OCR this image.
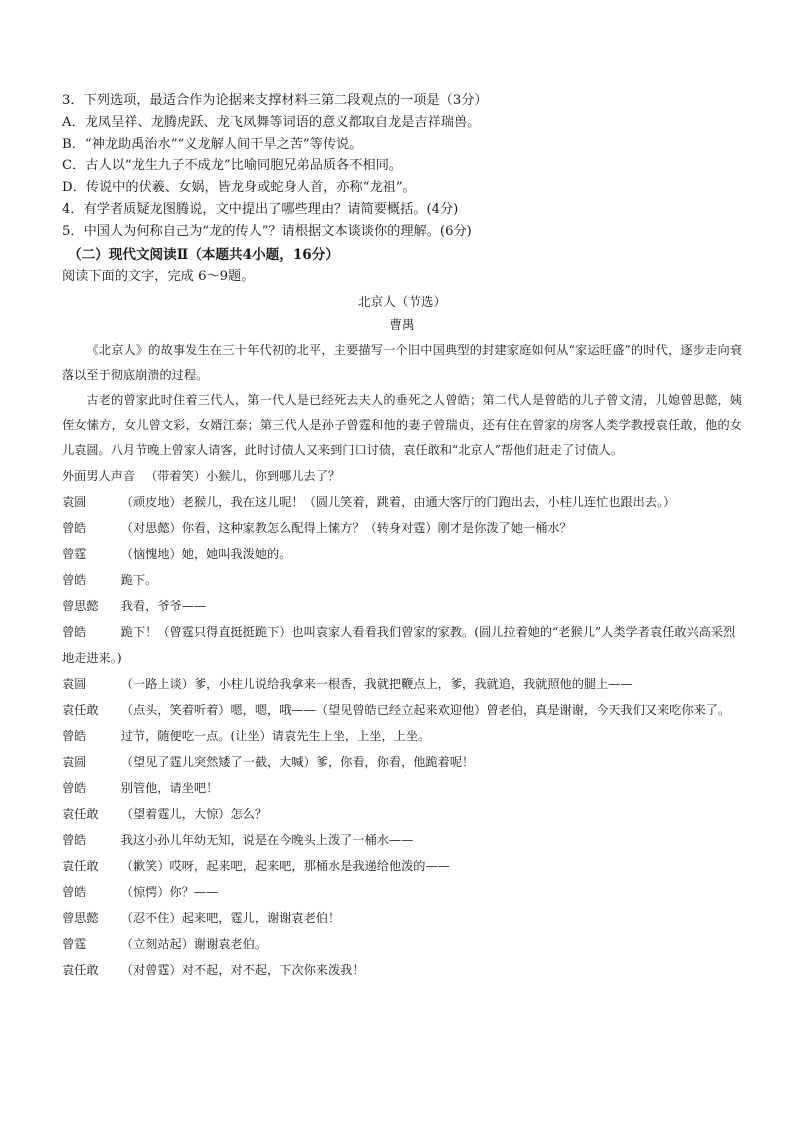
3．下列选项，最适合作为论据来支撑材料三第二段观点的一项是（3分）

A．龙凤呈祥、龙腾虎跃、龙飞凤舞等词语的意义都取自龙是吉祥瑞兽。

B．“神龙助禹治水”“义龙解人间干旱之苦”等传说。

C．古人以“龙生九子不成龙”比喻同胞兄弟品质各不相同。

D．传说中的伏羲、女娲，皆龙身或蛇身人首，亦称“龙祖”。

4．有学者质疑龙图腾说，文中提出了哪些理由？请简要概括。(4分)

5．中国人为何称自己为“龙的传人”？请根据文本谈谈你的理解。(6分)

（二）现代文阅读Ⅱ（本题共4小题，16分）

阅读下面的文字，完成 6～9题。

北京人（节选）

曹禺

《北京人》的故事发生在三十年代初的北平，主要描写一个旧中国典型的封建家庭如何从“家运旺盛”的时代，逐步走向衰落以至于彻底崩溃的过程。

古老的曾家此时住着三代人，第一代人是已经死去夫人的垂死之人曾皓；第二代人是曾皓的儿子曾文清，儿媳曾思懿，姨侄女愫方，女儿曾文彩，女婿江泰；第三代人是孙子曾霆和他的妻子曾瑞贞，还有住在曾家的房客人类学教授袁任敢，他的女儿袁圆。八月节晚上曾家人请客，此时讨债人又来到门口讨债，袁任敢和“北京人”帮他们赶走了讨债人。

外面男人声音 （带着笑）小猴儿，你到哪儿去了？

袁圆	（顽皮地）老猴儿，我在这儿呢！（圆儿笑着，跳着，由通大客厅的门跑出去，小柱儿连忙也跟出去。）

曾皓	（对思懿）你看，这种家教怎么配得上愫方？（转身对霆）刚才是你泼了她一桶水？

曾霆	（恼愧地）她，她叫我泼她的。

曾皓	跪下。

曾思懿 我看，爷爷——

曾皓	跪下！（曾霆只得直挺挺跪下）也叫袁家人看看我们曾家的家教。(圆儿拉着她的“老猴儿”人类学者袁任敢兴高采烈地走进来。)

袁圆	（一路上谈）爹，小柱儿说给我拿来一根香，我就把鞭点上，爹，我就追，我就照他的腿上——

袁任敢 （点头，笑着听着）嗯，嗯，哦——（望见曾皓已经立起来欢迎他）曾老伯，真是谢谢，今天我们又来吃你来了。

曾皓	过节，随便吃一点。(让坐）请袁先生上坐，上坐，上坐。

袁圆	（望见了霆儿突然矮了一截，大喊）爹，你看，你看，他跪着呢！

曾皓	别管他，请坐吧！

袁任敢 （望着霆儿，大惊）怎么？

曾皓	我这小孙儿年幼无知，说是在今晚头上泼了一桶水——

袁任敢 （歉笑）哎呀，起来吧，起来吧，那桶水是我递给他泼的——

曾皓	（惊愕）你？——

曾思懿 （忍不住）起来吧，霆儿，谢谢袁老伯！

曾霆	（立刻站起）谢谢袁老伯。

袁任敢 （对曾霆）对不起，对不起，下次你来泼我！
